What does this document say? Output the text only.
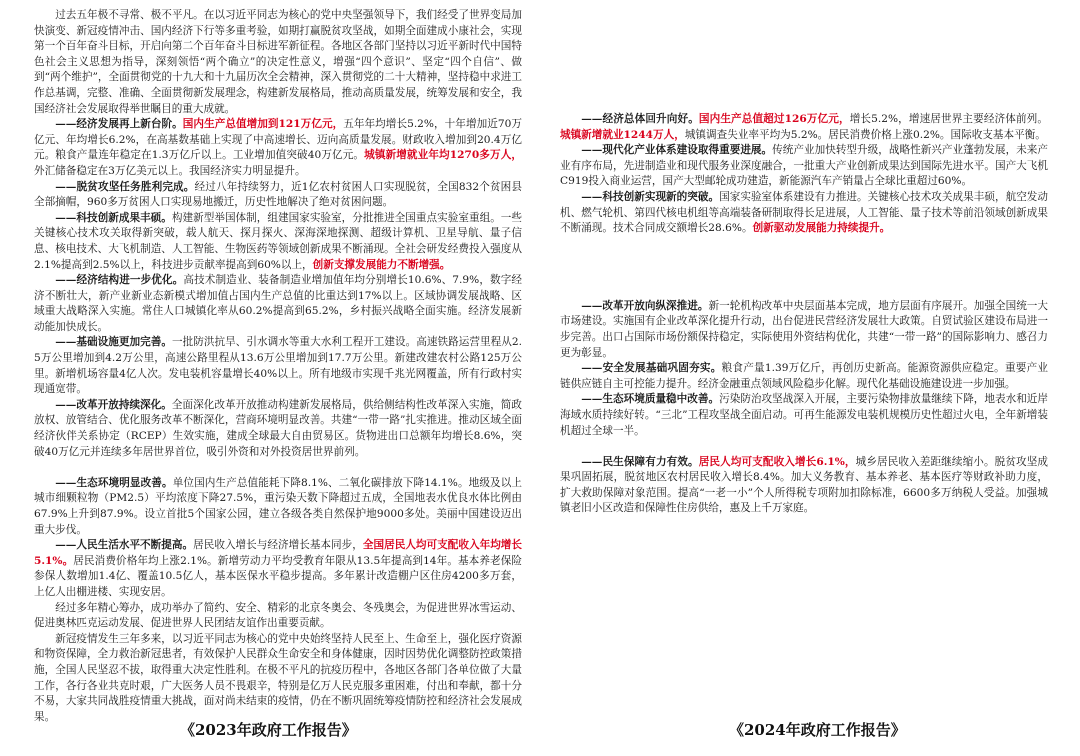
过去五年极不寻常、极不平凡。在以习近平同志为核心的党中央坚强领导下，我们经受了世界变局加快演变、新冠疫情冲击、国内经济下行等多重考验，如期打赢脱贫攻坚战，如期全面建成小康社会，实现第一个百年奋斗目标，开启向第二个百年奋斗目标进军新征程。各地区各部门坚持以习近平新时代中国特色社会主义思想为指导，深刻领悟“两个确立”的决定性意义，增强“四个意识”、坚定“四个自信”、做到“两个维护”，全面贯彻党的十九大和十九届历次全会精神，深入贯彻党的二十大精神，坚持稳中求进工作总基调，完整、准确、全面贯彻新发展理念，构建新发展格局，推动高质量发展，统筹发展和安全，我国经济社会发展取得举世瞩目的重大成就。

——经济发展再上新台阶。国内生产总值增加到121万亿元，五年年均增长5.2%，十年增加近70万亿元、年均增长6.2%，在高基数基础上实现了中高速增长、迈向高质量发展。财政收入增加到20.4万亿元。粮食产量连年稳定在1.3万亿斤以上。工业增加值突破40万亿元。城镇新增就业年均1270多万人，外汇储备稳定在3万亿美元以上。我国经济实力明显提升。

——脱贫攻坚任务胜利完成。经过八年持续努力，近1亿农村贫困人口实现脱贫，全国832个贫困县全部摘帽，960多万贫困人口实现易地搬迁，历史性地解决了绝对贫困问题。

——科技创新成果丰硕。构建新型举国体制，组建国家实验室，分批推进全国重点实验室重组。一些关键核心技术攻关取得新突破，载人航天、探月探火、深海深地探测、超级计算机、卫星导航、量子信息、核电技术、大飞机制造、人工智能、生物医药等领域创新成果不断涌现。全社会研发经费投入强度从2.1%提高到2.5%以上，科技进步贡献率提高到60%以上，创新支撑发展能力不断增强。

——经济结构进一步优化。高技术制造业、装备制造业增加值年均分别增长10.6%、7.9%，数字经济不断壮大，新产业新业态新模式增加值占国内生产总值的比重达到17%以上。区域协调发展战略、区域重大战略深入实施。常住人口城镇化率从60.2%提高到65.2%，乡村振兴战略全面实施。经济发展新动能加快成长。

——基础设施更加完善。一批防洪抗旱、引水调水等重大水利工程开工建设。高速铁路运营里程从2.5万公里增加到4.2万公里，高速公路里程从13.6万公里增加到17.7万公里。新建改建农村公路125万公里。新增机场容量4亿人次。发电装机容量增长40%以上。所有地级市实现千兆光网覆盖，所有行政村实现通宽带。

——改革开放持续深化。全面深化改革开放推动构建新发展格局，供给侧结构性改革深入实施，简政放权、放管结合、优化服务改革不断深化，营商环境明显改善。共建“一带一路”扎实推进。推动区域全面经济伙伴关系协定（RCEP）生效实施，建成全球最大自由贸易区。货物进出口总额年均增长8.6%，突破40万亿元并连续多年居世界首位，吸引外资和对外投资居世界前列。

——生态环境明显改善。单位国内生产总值能耗下降8.1%、二氧化碳排放下降14.1%。地级及以上城市细颗粒物（PM2.5）平均浓度下降27.5%，重污染天数下降超过五成，全国地表水优良水体比例由67.9%上升到87.9%。设立首批5个国家公园，建立各级各类自然保护地9000多处。美丽中国建设迈出重大步伐。

——人民生活水平不断提高。居民收入增长与经济增长基本同步，全国居民人均可支配收入年均增长5.1%。居民消费价格年均上涨2.1%。新增劳动力平均受教育年限从13.5年提高到14年。基本养老保险参保人数增加1.4亿、覆盖10.5亿人，基本医保水平稳步提高。多年累计改造棚户区住房4200多万套，上亿人出棚进楼、实现安居。

经过多年精心筹办，成功举办了简约、安全、精彩的北京冬奥会、冬残奥会，为促进世界冰雪运动、促进奥林匹克运动发展、促进世界人民团结友谊作出重要贡献。

新冠疫情发生三年多来，以习近平同志为核心的党中央始终坚持人民至上、生命至上，强化医疗资源和物资保障，全力救治新冠患者，有效保护人民群众生命安全和身体健康，因时因势优化调整防控政策措施，全国人民坚忍不拔，取得重大决定性胜利。在极不平凡的抗疫历程中，各地区各部门各单位做了大量工作，各行各业共克时艰，广大医务人员不畏艰辛，特别是亿万人民克服多重困难，付出和奉献，都十分不易，大家共同战胜疫情重大挑战，面对尚未结束的疫情，仍在不断巩固统筹疫情防控和经济社会发展成果。

——经济总体回升向好。国内生产总值超过126万亿元，增长5.2%，增速居世界主要经济体前列。城镇新增就业1244万人，城镇调查失业率平均为5.2%。居民消费价格上涨0.2%。国际收支基本平衡。

——现代化产业体系建设取得重要进展。传统产业加快转型升级，战略性新兴产业蓬勃发展，未来产业有序布局，先进制造业和现代服务业深度融合，一批重大产业创新成果达到国际先进水平。国产大飞机C919投入商业运营，国产大型邮轮成功建造，新能源汽车产销量占全球比重超过60%。

——科技创新实现新的突破。国家实验室体系建设有力推进。关键核心技术攻关成果丰硕，航空发动机、燃气轮机、第四代核电机组等高端装备研制取得长足进展，人工智能、量子技术等前沿领域创新成果不断涌现。技术合同成交额增长28.6%。创新驱动发展能力持续提升。

——改革开放向纵深推进。新一轮机构改革中央层面基本完成，地方层面有序展开。加强全国统一大市场建设。实施国有企业改革深化提升行动，出台促进民营经济发展壮大政策。自贸试验区建设布局进一步完善。出口占国际市场份额保持稳定，实际使用外资结构优化，共建“一带一路”的国际影响力、感召力更为彰显。

——安全发展基础巩固夯实。粮食产量1.39万亿斤，再创历史新高。能源资源供应稳定。重要产业链供应链自主可控能力提升。经济金融重点领域风险稳步化解。现代化基础设施建设进一步加强。

——生态环境质量稳中改善。污染防治攻坚战深入开展，主要污染物排放量继续下降，地表水和近岸海域水质持续好转。“三北”工程攻坚战全面启动。可再生能源发电装机规模历史性超过火电，全年新增装机超过全球一半。

——民生保障有力有效。居民人均可支配收入增长6.1%，城乡居民收入差距继续缩小。脱贫攻坚成果巩固拓展，脱贫地区农村居民收入增长8.4%。加大义务教育、基本养老、基本医疗等财政补助力度，扩大救助保障对象范围。提高“一老一小”个人所得税专项附加扣除标准，6600多万纳税人受益。加强城镇老旧小区改造和保障性住房供给，惠及上千万家庭。

《2023年政府工作报告》	《2024年政府工作报告》
